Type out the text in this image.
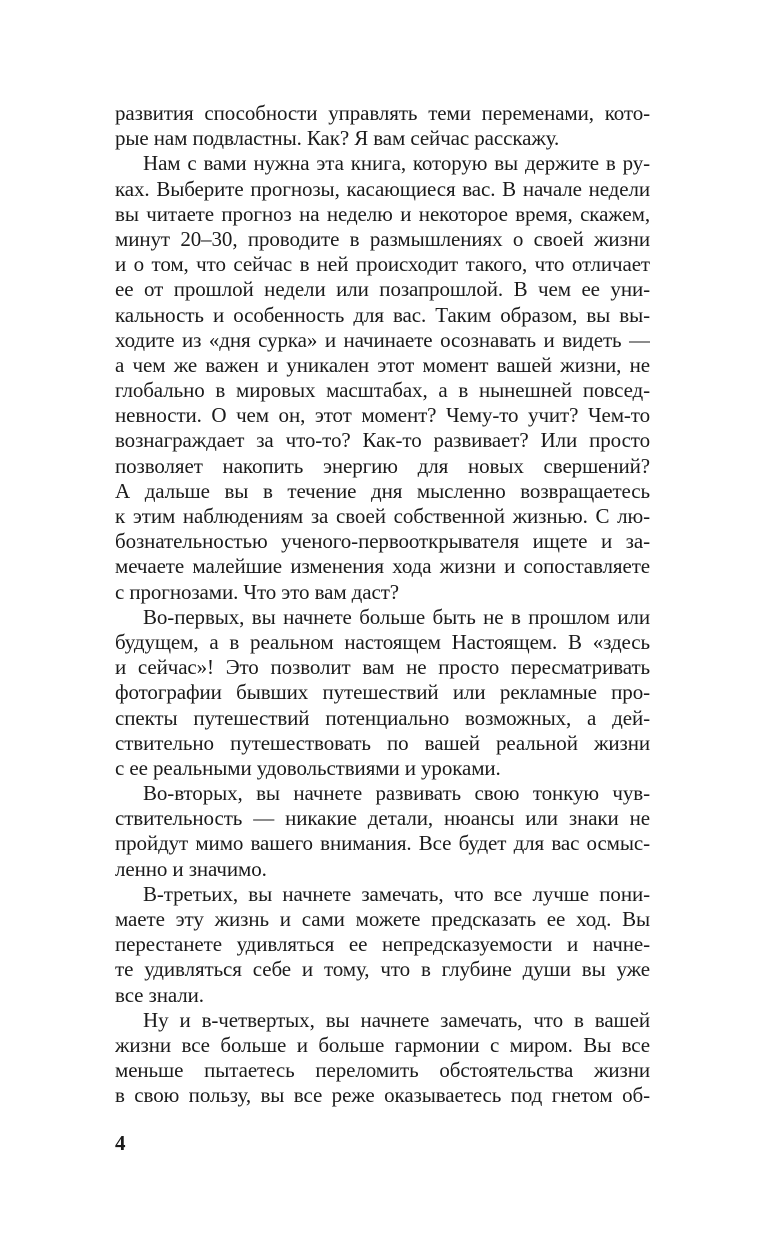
развития способности управлять теми переменами, кото-
рые нам подвластны. Как? Я вам сейчас расскажу.
Нам с вами нужна эта книга, которую вы держите в ру-
ках. Выберите прогнозы, касающиеся вас. В начале недели
вы читаете прогноз на неделю и некоторое время, скажем,
минут 20–30, проводите в размышлениях о своей жизни
и о том, что сейчас в ней происходит такого, что отличает
ее от прошлой недели или позапрошлой. В чем ее уни-
кальность и особенность для вас. Таким образом, вы вы-
ходите из «дня сурка» и начинаете осознавать и видеть —
а чем же важен и уникален этот момент вашей жизни, не
глобально в мировых масштабах, а в нынешней повсед-
невности. О чем он, этот момент? Чему-то учит? Чем-то
вознаграждает за что-то? Как-то развивает? Или просто
позволяет накопить энергию для новых свершений?
А дальше вы в течение дня мысленно возвращаетесь
к этим наблюдениям за своей собственной жизнью. С лю-
бознательностью ученого-первооткрывателя ищете и за-
мечаете малейшие изменения хода жизни и сопоставляете
с прогнозами. Что это вам даст?
Во-первых, вы начнете больше быть не в прошлом или
будущем, а в реальном настоящем Настоящем. В «здесь
и сейчас»! Это позволит вам не просто пересматривать
фотографии бывших путешествий или рекламные про-
спекты путешествий потенциально возможных, а дей-
ствительно путешествовать по вашей реальной жизни
с ее реальными удовольствиями и уроками.
Во-вторых, вы начнете развивать свою тонкую чув-
ствительность — никакие детали, нюансы или знаки не
пройдут мимо вашего внимания. Все будет для вас осмыс-
ленно и значимо.
В-третьих, вы начнете замечать, что все лучше пони-
маете эту жизнь и сами можете предсказать ее ход. Вы
перестанете удивляться ее непредсказуемости и начне-
те удивляться себе и тому, что в глубине души вы уже
все знали.
Ну и в-четвертых, вы начнете замечать, что в вашей
жизни все больше и больше гармонии с миром. Вы все
меньше пытаетесь переломить обстоятельства жизни
в свою пользу, вы все реже оказываетесь под гнетом об-
4
